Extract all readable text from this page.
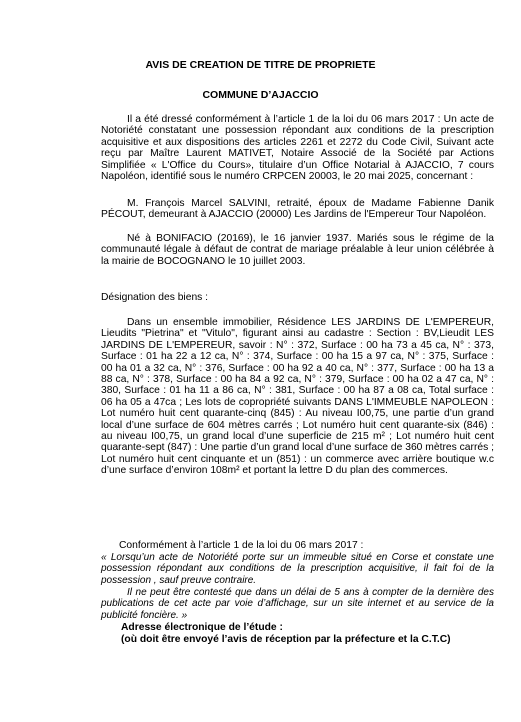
AVIS DE CREATION DE TITRE DE PROPRIETE
COMMUNE D’AJACCIO

Il a été dressé conformément à l’article 1 de la loi du 06 mars 2017 : Un acte de Notoriété constatant une possession répondant aux conditions de la prescription acquisitive et aux dispositions des articles 2261 et 2272 du Code Civil, Suivant acte reçu par Maître Laurent MATIVET, Notaire Associé de la Société par Actions Simplifiée « L'Office du Cours», titulaire d’un Office Notarial à AJACCIO, 7 cours Napoléon, identifié sous le numéro CRPCEN 20003, le 20 mai 2025, concernant :

M. François Marcel SALVINI, retraité, époux de Madame Fabienne Danik PÉCOUT, demeurant à AJACCIO (20000) Les Jardins de l'Empereur Tour Napoléon.

Né à BONIFACIO (20169), le 16 janvier 1937. Mariés sous le régime de la communauté légale à défaut de contrat de mariage préalable à leur union célébrée à la mairie de BOCOGNANO le 10 juillet 2003.

Désignation des biens :

Dans un ensemble immobilier, Résidence LES JARDINS DE L'EMPEREUR, Lieudits "Pietrina" et "Vitulo", figurant ainsi au cadastre : Section : BV,Lieudit LES JARDINS DE L'EMPEREUR, savoir : N° : 372, Surface : 00 ha 73 a 45 ca, N° : 373, Surface : 01 ha 22 a 12 ca, N° : 374, Surface : 00 ha 15 a 97 ca, N° : 375, Surface : 00 ha 01 a 32 ca, N° : 376, Surface : 00 ha 92 a 40 ca, N° : 377, Surface : 00 ha 13 a 88 ca, N° : 378, Surface : 00 ha 84 a 92 ca, N° : 379, Surface : 00 ha 02 a 47 ca, N° : 380, Surface : 01 ha 11 a 86 ca, N° : 381, Surface : 00 ha 87 a 08 ca, Total surface : 06 ha 05 a 47ca ; Les lots de copropriété suivants DANS L'IMMEUBLE NAPOLEON : Lot numéro huit cent quarante-cinq (845) : Au niveau I00,75, une partie d’un grand local d’une surface de 604 mètres carrés ; Lot numéro huit cent quarante-six (846) : au niveau I00,75, un grand local d’une superficie de 215 m² ; Lot numéro huit cent quarante-sept (847) : Une partie d’un grand local d’une surface de 360 mètres carrés ; Lot numéro huit cent cinquante et un (851) : un commerce avec arrière boutique w.c d’une surface d’environ 108m² et portant la lettre D du plan des commerces.

Conformément à l’article 1 de la loi du 06 mars 2017 :

« Lorsqu’un acte de Notoriété porte sur un immeuble situé en Corse et constate une possession répondant aux conditions de la prescription acquisitive, il fait foi de la possession , sauf preuve contraire.

Il ne peut être contesté que dans un délai de 5 ans à compter de la dernière des publications de cet acte par voie d’affichage, sur un site internet et au service de la publicité foncière. »

Adresse électronique de l’étude :

(où doit être envoyé l’avis de réception par la préfecture et la C.T.C)
